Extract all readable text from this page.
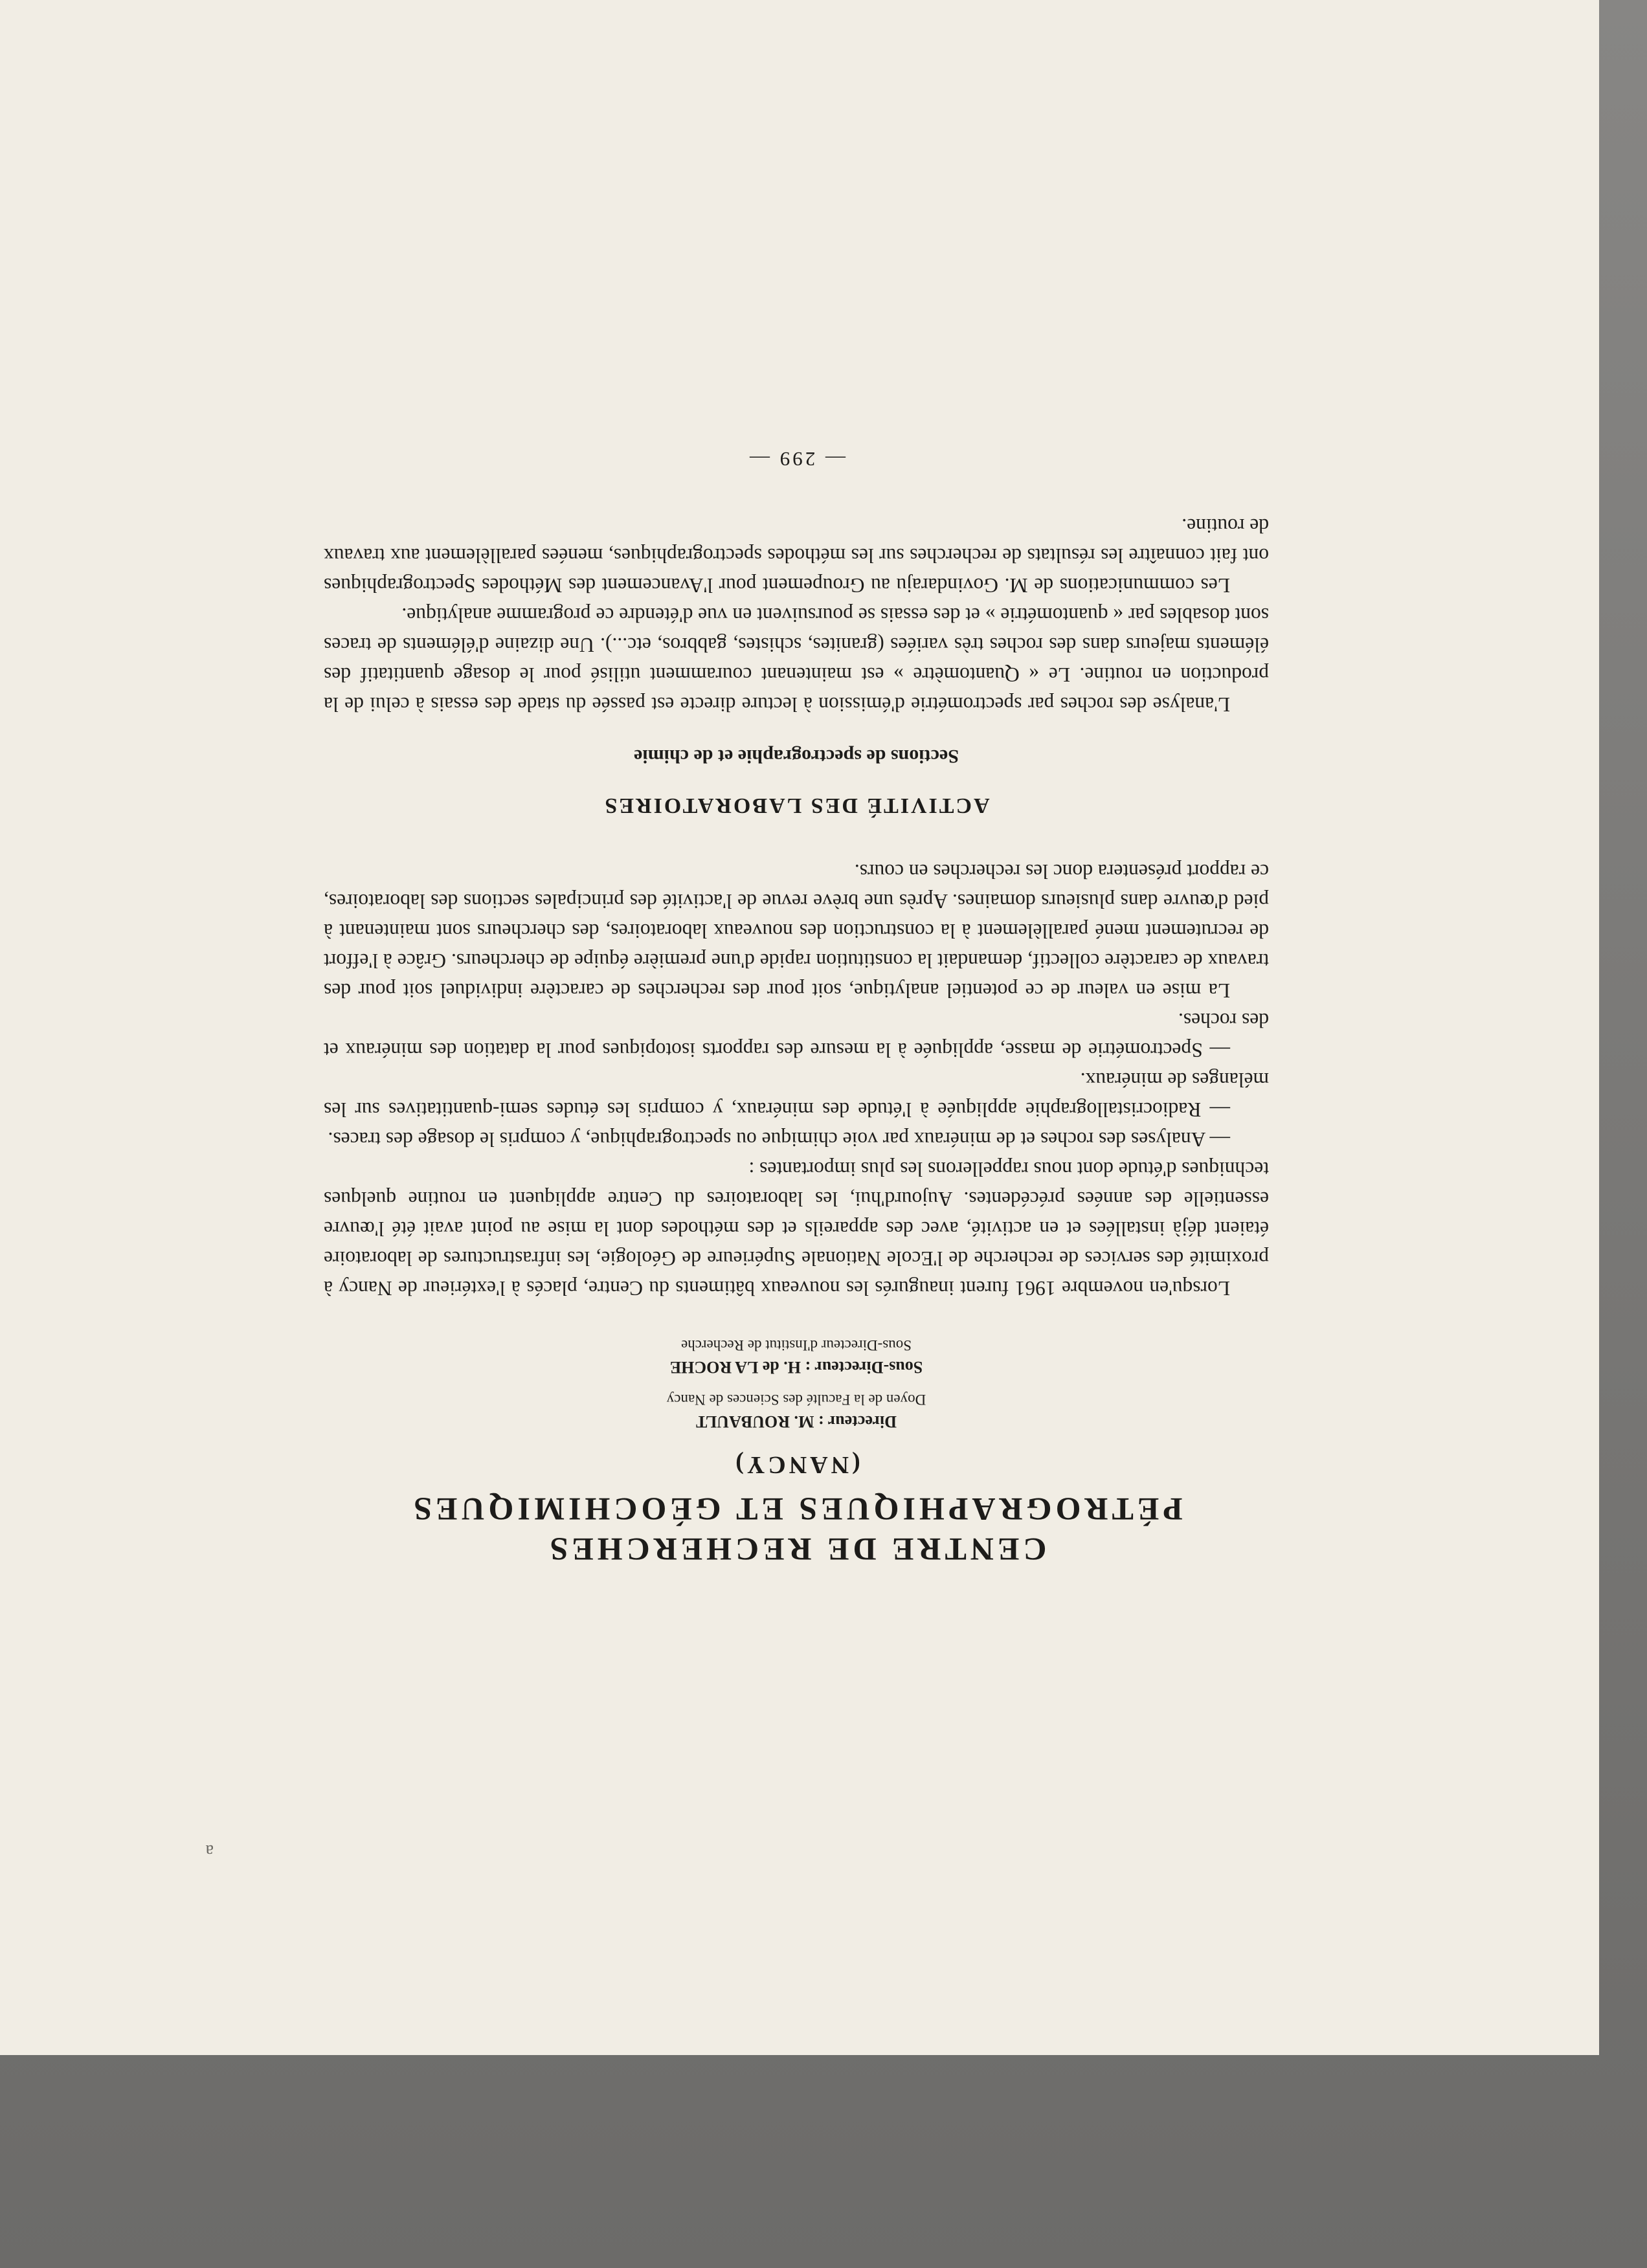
a

CENTRE DE RECHERCHES

PÉTROGRAPHIQUES ET GÉOCHIMIQUES

(NANCY)

Directeur : M. ROUBAULT

Doyen de la Faculté des Sciences de Nancy

Sous-Directeur : H. de LA ROCHE

Sous-Directeur d'Institut de Recherche

Lorsqu'en novembre 1961 furent inaugurés les nouveaux bâtiments du Centre, placés à l'extérieur de Nancy à proximité des services de recherche de l'Ecole Nationale Supérieure de Géologie, les infrastructures de laboratoire étaient déjà installées et en activité, avec des appareils et des méthodes dont la mise au point avait été l'œuvre essentielle des années précédentes. Aujourd'hui, les laboratoires du Centre appliquent en routine quelques techniques d'étude dont nous rappellerons les plus importantes :

— Analyses des roches et de minéraux par voie chimique ou spectrographique, y compris le dosage des traces.

— Radiocristallographie appliquée à l'étude des minéraux, y compris les études semi-quantitatives sur les mélanges de minéraux.

— Spectrométrie de masse, appliquée à la mesure des rapports isotopiques pour la datation des minéraux et des roches.

La mise en valeur de ce potentiel analytique, soit pour des recherches de caractère individuel soit pour des travaux de caractère collectif, demandait la constitution rapide d'une première équipe de chercheurs. Grâce à l'effort de recrutement mené parallèlement à la construction des nouveaux laboratoires, des chercheurs sont maintenant à pied d'œuvre dans plusieurs domaines. Après une brève revue de l'activité des principales sections des laboratoires, ce rapport présentera donc les recherches en cours.

ACTIVITÉ DES LABORATOIRES

Sections de spectrographie et de chimie

L'analyse des roches par spectrométrie d'émission à lecture directe est passée du stade des essais à celui de la production en routine. Le « Quantomètre » est maintenant couramment utilisé pour le dosage quantitatif des éléments majeurs dans des roches très variées (granites, schistes, gabbros, etc...). Une dizaine d'éléments de traces sont dosables par « quantométrie » et des essais se poursuivent en vue d'étendre ce programme analytique.

Les communications de M. Govindaraju au Groupement pour l'Avancement des Méthodes Spectrographiques ont fait connaître les résultats de recherches sur les méthodes spectrographiques, menées parallèlement aux travaux de routine.

— 299 —
